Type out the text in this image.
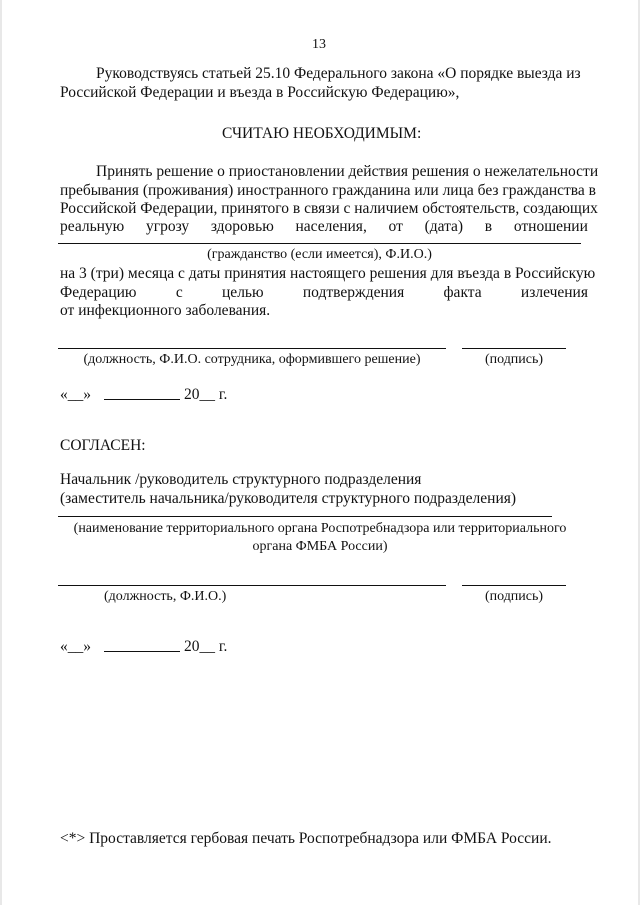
13
Руководствуясь статьей 25.10 Федерального закона «О порядке выезда из
Российской Федерации и въезда в Российскую Федерацию»,
СЧИТАЮ НЕОБХОДИМЫМ:
Принять решение о приостановлении действия решения о нежелательности
пребывания (проживания) иностранного гражданина или лица без гражданства в
Российской Федерации, принятого в связи с наличием обстоятельств, создающих
реальную угрозу здоровью населения, от (дата) в отношении
(гражданство (если имеется), Ф.И.О.)
на 3 (три) месяца с даты принятия настоящего решения для въезда в Российскую
Федерацию	с	целью	подтверждения	факта	излечения
от инфекционного заболевания.
(должность, Ф.И.О. сотрудника, оформившего решение)	(подпись)
«__»	20__ г.
СОГЛАСЕН:
Начальник /руководитель структурного подразделения
(заместитель начальника/руководителя структурного подразделения)
(наименование территориального органа Роспотребнадзора или территориального
органа ФМБА России)
(должность, Ф.И.О.)	(подпись)
«__»	20__ г.
<*> Проставляется гербовая печать Роспотребнадзора или ФМБА России.
